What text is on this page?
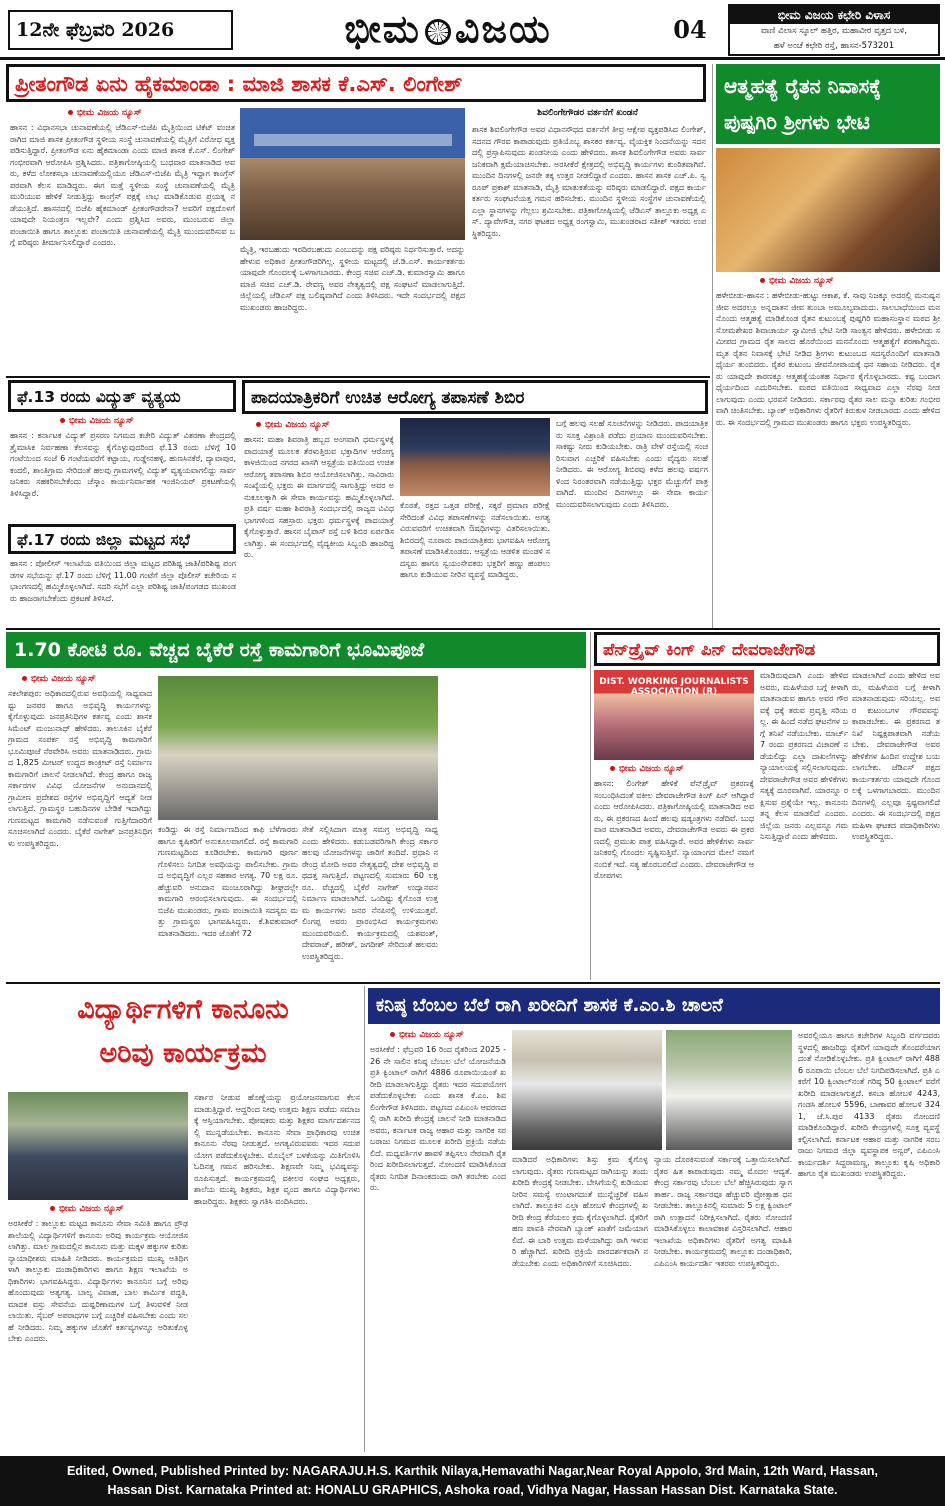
12ನೇ ಫೆಬ್ರವರಿ 2026	ಭೀಮ ವಿಜಯ	04	ಭೀಮ ವಿಜಯ ಕಛೇರಿ ವಿಳಾಸ
ವಾಣಿ ವಿಲಾಸ ಸ್ಕೂಲ್ ಹತ್ತಿರ, ಮಹಾವೀರ ವೃತ್ತದ ಬಳಿ,
ಹಳೆ ಅಂಚೆ ಕಛೇರಿ ರಸ್ತೆ, ಹಾಸನ-573201
ಪ್ರೀತಂಗೌಡ ಏನು ಹೈಕಮಾಂಡಾ : ಮಾಜಿ ಶಾಸಕ ಕೆ.ಎಸ್. ಲಿಂಗೇಶ್
ಭೀಮ ವಿಜಯ ನ್ಯೂಸ್
ಹಾಸನ : ವಿಧಾನಸಭಾ ಚುನಾವಣೆಯಲ್ಲಿ ಜೆಡಿಎಸ್-ಬಿಜೆಪಿ ಮೈತ್ರಿಯಿಂದ ಟಿಕೆಟ್ ವಂಚಿತರಾಗಿದ ಮಾಜಿ ಶಾಸಕ ಪ್ರೀತಂಗೌಡ ಸ್ಥಳೀಯ ಸಂಸ್ಥೆ ಚುನಾವಣೆಯಲ್ಲಿ ಮೈತ್ರಿಗೆ ವಿರೋಧ ವ್ಯಕ್ತಪಡಿಸುತ್ತಿದ್ದಾರೆ. ಪ್ರೀತಂಗೌಡ ಏನು ಹೈಕಮಾಂಡಾ ಎಂದು ಮಾಜಿ ಶಾಸಕ ಕೆ.ಎಸ್. ಲಿಂಗೇಶ್ ಗಂಭೀರವಾಗಿ ಆರೋಪಿಸಿ ಪ್ರಶ್ನಿಸಿದರು. ಪತ್ರಿಕಾಗೋಷ್ಠಿಯಲ್ಲಿ ಬುಧವಾರ ಮಾತನಾಡಿದ ಅವರು, ಕಳೆದ ಲೋಕಸಭಾ ಚುನಾವಣೆಯಲ್ಲಿಯೂ ಜೆಡಿಎಸ್-ಬಿಜೆಪಿ ಮೈತ್ರಿ ಇದ್ದಾಗ ಕಾಂಗ್ರೆಸ್ ಪರವಾಗಿ ಕೆಲಸ ಮಾಡಿದ್ದರು. ಈಗ ಮತ್ತೆ ಸ್ಥಳೀಯ ಸಂಸ್ಥೆ ಚುನಾವಣೆಯಲ್ಲಿ ಮೈತ್ರಿ ಮುರಿಯುವ ಹೇಳಿಕೆ ನೀಡುತ್ತಿದ್ದು ಕಾಂಗ್ರೆಸ್ ಪಕ್ಷಕ್ಕೆ ಲಾಭ ಮಾಡಿಕೊಡುವ ಪ್ರಯತ್ನ ನಡೆಯುತ್ತಿದೆ. ಹಾಸನದಲ್ಲಿ ಬಿಜೆಪಿ ಹೈಕಮಾಂಡ್ ಪ್ರೀತಂಗೌಡರೇನಾ? ಅವರಿಗೆ ಪಕ್ಷದೊಳಗೆ ಯಾವುದೇ ನಿಯಂತ್ರಣ ಇಲ್ಲವೇ? ಎಂದು ಪ್ರಶ್ನಿಸಿದ ಅವರು, ಮುಂಬರುವ ಜಿಲ್ಲಾ ಪಂಚಾಯಿತಿ ಹಾಗೂ ತಾಲ್ಲೂಕು ಪಂಚಾಯಿತಿ ಚುನಾವಣೆಯಲ್ಲಿ ಮೈತ್ರಿ ಮುಂದುವರಿಸುವ ಬಗ್ಗೆ ವರಿಷ್ಠರು ತೀರ್ಮಾನಿಸಲಿದ್ದಾರೆ ಎಂದರು.
ಮೈತ್ರಿ, ಇರಬಹುದು ಇರದಿರಬಹುದು ಎಂಬುದನ್ನು ಪಕ್ಷ ವರಿಷ್ಠರು ನಿರ್ಧರಿಸುತ್ತಾರೆ. ಅದನ್ನು ಹೇಳುವ ಅಧಿಕಾರ ಪ್ರೀತಂಗೌಡರಿಗಿಲ್ಲ. ಸ್ಥಳೀಯ ಮಟ್ಟದಲ್ಲಿ ಜೆ.ಡಿ.ಎಸ್. ಕಾರ್ಯಕರ್ತರು ಯಾವುದೇ ಗೊಂದಲಕ್ಕೆ ಒಳಗಾಗಬಾರದು. ಕೇಂದ್ರ ಸಚಿವ ಎಚ್.ಡಿ. ಕುಮಾರಸ್ವಾಮಿ ಹಾಗೂ ಮಾಜಿ ಸಚಿವ ಎಚ್.ಡಿ. ರೇವಣ್ಣ ಅವರ ನೇತೃತ್ವದಲ್ಲಿ ಪಕ್ಷ ಸಂಘಟನೆ ಮಾಡಲಾಗುತ್ತಿದೆ. ಜಿಲ್ಲೆಯಲ್ಲಿ ಜೆಡಿಎಸ್ ಪಕ್ಷ ಬಲಿಷ್ಠವಾಗಿದೆ ಎಂದು ತಿಳಿಸಿದರು. ಇದೇ ಸಂದರ್ಭದಲ್ಲಿ ಪಕ್ಷದ ಮುಖಂಡರು ಹಾಜರಿದ್ದರು.
ಶಿವಲಿಂಗೇಗೌಡರ ವರ್ತನೆಗೆ ಖಂಡನೆ
ಶಾಸಕ ಶಿವಲಿಂಗೇಗೌಡ ಅವರ ವಿಧಾನಸೌಧದ ವರ್ತನೆಗೆ ತೀವ್ರ ಆಕ್ಷೇಪ ವ್ಯಕ್ತಪಡಿಸಿದ ಲಿಂಗೇಶ್, ಸದನದ ಗೌರವ ಕಾಪಾಡುವುದು ಪ್ರತಿಯೊಬ್ಬ ಶಾಸಕರ ಕರ್ತವ್ಯ. ವೈಯಕ್ತಿಕ ನಿಂದನೆಯನ್ನು ಸದನದಲ್ಲಿ ಪ್ರಸ್ತಾಪಿಸುವುದು ಖಂಡನೀಯ ಎಂದು ಹೇಳಿದರು. ಶಾಸಕ ಶಿವಲಿಂಗೇಗೌಡ ಅವರು ಸಾರ್ವಜನಿಕವಾಗಿ ಕ್ಷಮೆಯಾಚಿಸಬೇಕು. ಅರಸೀಕೆರೆ ಕ್ಷೇತ್ರದಲ್ಲಿ ಅಭಿವೃದ್ಧಿ ಕಾರ್ಯಗಳು ಕುಂಠಿತವಾಗಿವೆ. ಮುಂದಿನ ದಿನಗಳಲ್ಲಿ ಜನರೇ ತಕ್ಕ ಉತ್ತರ ನೀಡಲಿದ್ದಾರೆ ಎಂದರು. ಹಾಸನ ಶಾಸಕ ಎಚ್.ಪಿ. ಸ್ವರೂಪ್ ಪ್ರಕಾಶ್ ಮಾತನಾಡಿ, ಮೈತ್ರಿ ಮಾತುಕತೆಯನ್ನು ವರಿಷ್ಠರು ಮಾಡಲಿದ್ದಾರೆ. ಪಕ್ಷದ ಕಾರ್ಯಕರ್ತರು ಸಂಘಟನೆಯತ್ತ ಗಮನ ಹರಿಸಬೇಕು. ಮುಂದಿನ ಸ್ಥಳೀಯ ಸಂಸ್ಥೆಗಳ ಚುನಾವಣೆಯಲ್ಲಿ ಎಲ್ಲಾ ಸ್ಥಾನಗಳನ್ನು ಗೆಲ್ಲಲು ಶ್ರಮಿಸಬೇಕು. ಪತ್ರಿಕಾಗೋಷ್ಠಿಯಲ್ಲಿ ಜೆಡಿಎಸ್ ತಾಲ್ಲೂಕು ಅಧ್ಯಕ್ಷ ಎಸ್. ದ್ಯಾವೇಗೌಡ, ನಗರ ಘಟಕದ ಅಧ್ಯಕ್ಷ ರಂಗಸ್ವಾಮಿ, ಮುಖಂಡರಾದ ಸತೀಶ್ ಇತರರು ಉಪಸ್ಥಿತರಿದ್ದರು.
ಆತ್ಮಹತ್ಯೆ ರೈತನ ನಿವಾಸಕ್ಕೆ ಪುಷ್ಪಗಿರಿ ಶ್ರೀಗಳು ಭೇಟಿ
ಭೀಮ ವಿಜಯ ನ್ಯೂಸ್
ಹಳೇಬೀಡು-ಹಾಸನ : ಹಳೇಬೀಡು-ಹುಟ್ಟು ಆಕಾಶ, ಕೆ. ಸಾವು ನಿಜಕ್ಕೂ ಅದರಲ್ಲಿ ಮನುಷ್ಯನ ಜೀವ ಅದರಲ್ಲೂ ಅನ್ನದಾತನ ಜೀವ ತುಂಬಾ ಅಮೂಲ್ಯವಾದುದು. ಸಾಲಬಾಧೆಯಿಂದ ಮನನೊಂದು ಆತ್ಮಹತ್ಯೆ ಮಾಡಿಕೊಂಡ ರೈತನ ಕುಟುಂಬಕ್ಕೆ ಪುಷ್ಪಗಿರಿ ಮಹಾಸಂಸ್ಥಾನ ಮಠದ ಶ್ರೀ ಸೋಮಶೇಖರ ಶಿವಾಚಾರ್ಯ ಸ್ವಾಮೀಜಿ ಭೇಟಿ ನೀಡಿ ಸಾಂತ್ವನ ಹೇಳಿದರು. ಹಳೇಬೀಡು ಸಮೀಪದ ಗ್ರಾಮದ ರೈತ ಸಾಲದ ಹೊರೆಯಿಂದ ಮನನೊಂದು ಆತ್ಮಹತ್ಯೆಗೆ ಶರಣಾಗಿದ್ದರು. ಮೃತ ರೈತನ ನಿವಾಸಕ್ಕೆ ಭೇಟಿ ನೀಡಿದ ಶ್ರೀಗಳು ಕುಟುಂಬದ ಸದಸ್ಯರೊಂದಿಗೆ ಮಾತನಾಡಿ ಧೈರ್ಯ ತುಂಬಿದರು. ರೈತರ ಕುಟುಂಬ ಜೀವನೋಪಾಯಕ್ಕೆ ಧನ ಸಹಾಯ ನೀಡಿದರು. ರೈತರು ಯಾವುದೇ ಕಾರಣಕ್ಕೂ ಆತ್ಮಹತ್ಯೆಯಂತಹ ನಿರ್ಧಾರ ಕೈಗೊಳ್ಳಬಾರದು. ಕಷ್ಟ ಬಂದಾಗ ಧೈರ್ಯದಿಂದ ಎದುರಿಸಬೇಕು. ಮಠದ ವತಿಯಿಂದ ಸಾಧ್ಯವಾದ ಎಲ್ಲಾ ನೆರವು ನೀಡಲಾಗುವುದು ಎಂದು ಭರವಸೆ ನೀಡಿದರು. ಸರ್ಕಾರವು ರೈತರ ಸಾಲ ಮನ್ನಾ ಕುರಿತು ಗಂಭೀರವಾಗಿ ಚಿಂತಿಸಬೇಕು. ಬ್ಯಾಂಕ್ ಅಧಿಕಾರಿಗಳು ರೈತರಿಗೆ ಕಿರುಕುಳ ನೀಡಬಾರದು ಎಂದು ಹೇಳಿದರು. ಈ ಸಂದರ್ಭದಲ್ಲಿ ಗ್ರಾಮದ ಮುಖಂಡರು ಹಾಗೂ ಭಕ್ತರು ಉಪಸ್ಥಿತರಿದ್ದರು.
ಫೆ.13 ರಂದು ವಿದ್ಯುತ್ ವ್ಯತ್ಯಯ
ಭೀಮ ವಿಜಯ ನ್ಯೂಸ್
ಹಾಸನ : ಕರ್ನಾಟಕ ವಿದ್ಯುತ್ ಪ್ರಸರಣ ನಿಗಮದ ಕಚೇರಿ ವಿದ್ಯುತ್ ವಿತರಣಾ ಕೇಂದ್ರದಲ್ಲಿ ತ್ರೈಮಾಸಿಕ ನಿರ್ವಹಣಾ ಕೆಲಸವನ್ನು ಕೈಗೊಳ್ಳುವುದರಿಂದ ಫೆ.13 ರಂದು ಬೆಳಿಗ್ಗೆ 10 ಗಂಟೆಯಿಂದ ಸಂಜೆ 6 ಗಂಟೆಯವರೆಗೆ ಕಟ್ಟಾಯ, ಗುಡ್ಡೇನಹಳ್ಳಿ, ಹುಣಸಿನಕೆರೆ, ದ್ಯಾವಾಪುರ, ಕಂದಲಿ, ಶಾಂತಿಗ್ರಾಮ ಸೇರಿದಂತೆ ಹಲವು ಗ್ರಾಮಗಳಲ್ಲಿ ವಿದ್ಯುತ್ ವ್ಯತ್ಯಯವಾಗಲಿದ್ದು ಸಾರ್ವಜನಿಕರು ಸಹಕರಿಸಬೇಕೆಂದು ಚೆಸ್ಕಾಂ ಕಾರ್ಯನಿರ್ವಾಹಕ ಇಂಜಿನಿಯರ್ ಪ್ರಕಟಣೆಯಲ್ಲಿ ತಿಳಿಸಿದ್ದಾರೆ.
ಫೆ.17 ರಂದು ಜಿಲ್ಲಾ ಮಟ್ಟದ ಸಭೆ
ಹಾಸನ : ಪೋಲೀಸ್ ಇಲಾಖೆಯ ವತಿಯಿಂದ ಜಿಲ್ಲಾ ಮಟ್ಟದ ಪರಿಶಿಷ್ಟ ಜಾತಿ/ಪರಿಶಿಷ್ಟ ಪಂಗಡಗಳ ಸಭೆಯನ್ನು ಫೆ.17 ರಂದು ಬೆಳಿಗ್ಗೆ 11.00 ಗಂಟೆಗೆ ಜಿಲ್ಲಾ ಪೊಲೀಸ್ ಕಚೇರಿಯ ಸಭಾಂಗಣದಲ್ಲಿ ಹಮ್ಮಿಕೊಳ್ಳಲಾಗಿದೆ. ಸದರಿ ಸಭೆಗೆ ಎಲ್ಲಾ ಪರಿಶಿಷ್ಟ ಜಾತಿ/ಪಂಗಡದ ಮುಖಂಡರು ಹಾಜರಾಗಬೇಕೆಂದು ಪ್ರಕಟಣೆ ತಿಳಿಸಿದೆ.
ಪಾದಯಾತ್ರಿಕರಿಗೆ ಉಚಿತ ಆರೋಗ್ಯ ತಪಾಸಣೆ ಶಿಬಿರ
ಭೀಮ ವಿಜಯ ನ್ಯೂಸ್
ಹಾಸನ: ಮಹಾ ಶಿವರಾತ್ರಿ ಹಬ್ಬದ ಅಂಗವಾಗಿ ಧರ್ಮಸ್ಥಳಕ್ಕೆ ಪಾದಯಾತ್ರೆ ಮೂಲಕ ತೆರಳುತ್ತಿರುವ ಭಕ್ತಾದಿಗಳ ಆರೋಗ್ಯ ಕಾಳಜಿಯಿಂದ ನಗರದ ಖಾಸಗಿ ಆಸ್ಪತ್ರೆಯ ವತಿಯಿಂದ ಉಚಿತ ಆರೋಗ್ಯ ತಪಾಸಣಾ ಶಿಬಿರ ಆಯೋಜಿಸಲಾಗಿತ್ತು. ಸಾವಿರಾರು ಸಂಖ್ಯೆಯಲ್ಲಿ ಭಕ್ತರು ಈ ಮಾರ್ಗದಲ್ಲಿ ಸಾಗುತ್ತಿದ್ದು ಅವರ ಅನುಕೂಲಕ್ಕಾಗಿ ಈ ಸೇವಾ ಕಾರ್ಯವನ್ನು ಹಮ್ಮಿಕೊಳ್ಳಲಾಗಿದೆ. ಪ್ರತಿ ವರ್ಷ ಮಹಾ ಶಿವರಾತ್ರಿ ಸಂದರ್ಭದಲ್ಲಿ ರಾಜ್ಯದ ವಿವಿಧ ಭಾಗಗಳಿಂದ ಸಹಸ್ರಾರು ಭಕ್ತರು ಧರ್ಮಸ್ಥಳಕ್ಕೆ ಪಾದಯಾತ್ರೆ ಕೈಗೊಳ್ಳುತ್ತಾರೆ. ಹಾಸನ ಬೈಪಾಸ್ ರಸ್ತೆ ಬಳಿ ಶಿಬಿರ ಏರ್ಪಡಿಸಲಾಗಿತ್ತು. ಈ ಸಂದರ್ಭದಲ್ಲಿ ವೈದ್ಯಕೀಯ ಸಿಬ್ಬಂದಿ ಹಾಜರಿದ್ದರು.
ಕೊರತೆ, ರಕ್ತದ ಒತ್ತಡ ಪರೀಕ್ಷೆ, ಸಕ್ಕರೆ ಪ್ರಮಾಣ ಪರೀಕ್ಷೆ ಸೇರಿದಂತೆ ವಿವಿಧ ತಪಾಸಣೆಗಳನ್ನು ನಡೆಸಲಾಯಿತು. ಅಗತ್ಯವಿರುವವರಿಗೆ ಉಚಿತವಾಗಿ ಔಷಧಿಗಳನ್ನು ವಿತರಿಸಲಾಯಿತು. ಶಿಬಿರದಲ್ಲಿ ನೂರಾರು ಪಾದಯಾತ್ರಿಕರು ಭಾಗವಹಿಸಿ ಆರೋಗ್ಯ ತಪಾಸಣೆ ಮಾಡಿಸಿಕೊಂಡರು. ಆಸ್ಪತ್ರೆಯ ಆಡಳಿತ ಮಂಡಳಿ ಸದಸ್ಯರು ಹಾಗೂ ಸ್ವಯಂಸೇವಕರು ಭಕ್ತರಿಗೆ ಹಣ್ಣು ಹಂಪಲು ಹಾಗೂ ಕುಡಿಯುವ ನೀರಿನ ವ್ಯವಸ್ಥೆ ಮಾಡಿದ್ದರು.
ಬಗ್ಗೆ ಹಲವು ಸಲಹೆ ಸೂಚನೆಗಳನ್ನು ನೀಡಿದರು. ಪಾದಯಾತ್ರಿಕರು ಸೂಕ್ತ ವಿಶ್ರಾಂತಿ ಪಡೆದು ಪ್ರಯಾಣ ಮುಂದುವರಿಸಬೇಕು. ಸಾಕಷ್ಟು ನೀರು ಕುಡಿಯಬೇಕು. ರಾತ್ರಿ ವೇಳೆ ರಸ್ತೆಯಲ್ಲಿ ಸಂಚರಿಸುವಾಗ ಎಚ್ಚರಿಕೆ ವಹಿಸಬೇಕು ಎಂದು ವೈದ್ಯರು ಸಲಹೆ ನೀಡಿದರು. ಈ ಆರೋಗ್ಯ ಶಿಬಿರವು ಕಳೆದ ಹಲವು ವರ್ಷಗಳಿಂದ ನಿರಂತರವಾಗಿ ನಡೆಯುತ್ತಿದ್ದು ಭಕ್ತರ ಮೆಚ್ಚುಗೆಗೆ ಪಾತ್ರವಾಗಿದೆ. ಮುಂದಿನ ದಿನಗಳಲ್ಲೂ ಈ ಸೇವಾ ಕಾರ್ಯ ಮುಂದುವರಿಸಲಾಗುವುದು ಎಂದು ತಿಳಿಸಿದರು.
1.70 ಕೋಟಿ ರೂ. ವೆಚ್ಚದ ಬೈಕೆರೆ ರಸ್ತೆ ಕಾಮಗಾರಿಗೆ ಭೂಮಿಪೂಜೆ
ಭೀಮ ವಿಜಯ ನ್ಯೂಸ್
ಸಕಲೇಶಪುರ: ಅಧಿಕಾರದಲ್ಲಿರುವ ಅವಧಿಯಲ್ಲಿ ಸಾಧ್ಯವಾದಷ್ಟು ಜನಪರ ಹಾಗೂ ಅಭಿವೃದ್ಧಿ ಕಾರ್ಯಗಳನ್ನು ಕೈಗೊಳ್ಳುವುದು ಜನಪ್ರತಿನಿಧಿಗಳ ಕರ್ತವ್ಯ ಎಂದು ಶಾಸಕ ಸಿಮೆಂಟ್ ಮಂಜುನಾಥ್ ಹೇಳಿದರು. ತಾಲೂಕಿನ ಬೈಕೆರೆ ಗ್ರಾಮದ ಸಂಪರ್ಕ ರಸ್ತೆ ಅಭಿವೃದ್ಧಿ ಕಾಮಗಾರಿಗೆ ಭೂಮಿಪೂಜೆ ನೆರವೇರಿಸಿ ಅವರು ಮಾತನಾಡಿದರು. ಗ್ರಾಮದ 1,825 ಮೀಟರ್ ಉದ್ದದ ಕಾಂಕ್ರೀಟ್ ರಸ್ತೆ ನಿರ್ಮಾಣ ಕಾಮಗಾರಿಗೆ ಚಾಲನೆ ನೀಡಲಾಗಿದೆ. ಕೇಂದ್ರ ಹಾಗೂ ರಾಜ್ಯ ಸರ್ಕಾರಗಳ ವಿವಿಧ ಯೋಜನೆಗಳ ಅನುದಾನದಲ್ಲಿ ಗ್ರಾಮೀಣ ಪ್ರದೇಶದ ರಸ್ತೆಗಳ ಅಭಿವೃದ್ಧಿಗೆ ಆದ್ಯತೆ ನೀಡಲಾಗುತ್ತಿದೆ. ಗ್ರಾಮಸ್ಥರ ಬಹುದಿನಗಳ ಬೇಡಿಕೆ ಇದಾಗಿದ್ದು ಗುಣಮಟ್ಟದ ಕಾಮಗಾರಿ ನಡೆಸುವಂತೆ ಗುತ್ತಿಗೆದಾರರಿಗೆ ಸೂಚಿಸಲಾಗಿದೆ ಎಂದರು. ಬೈಕೆರೆ ನಾಗೇಶ್ ಜನಪ್ರತಿನಿಧಿಗಳು ಉಪಸ್ಥಿತರಿದ್ದರು.
ಕಂಡಿದ್ದು ಈ ರಸ್ತೆ ನಿರ್ಮಾಣದಿಂದ ಕಾಫಿ ಬೆಳೆಗಾರರು ಹಾಗೂ ಕೃಷಿಕರಿಗೆ ಅನುಕೂಲವಾಗಲಿದೆ. ರಸ್ತೆ ಕಾಮಗಾರಿ ಗುಣಮಟ್ಟದಿಂದ ಕೂಡಿರಬೇಕು. ಕಾಮಗಾರಿ ಪೂರ್ಣಗೊಳಿಸಲು ನಿಗದಿತ ಅವಧಿಯನ್ನು ಪಾಲಿಸಬೇಕು. ಗ್ರಾಮದ ಅಭಿವೃದ್ಧಿಗೆ ಎಲ್ಲರ ಸಹಕಾರ ಅಗತ್ಯ. 70 ಲಕ್ಷ ರೂ. ಹೆಚ್ಚುವರಿ ಅನುದಾನ ಮಂಜೂರಾಗಿದ್ದು ಶೀಘ್ರದಲ್ಲೇ ಕಾಮಗಾರಿ ಆರಂಭಿಸಲಾಗುವುದು. ಈ ಸಂದರ್ಭದಲ್ಲಿ ಬಿಜೆಪಿ ಮುಖಂಡರು, ಗ್ರಾಮ ಪಂಚಾಯಿತಿ ಸದಸ್ಯರು ಮತ್ತು ಗ್ರಾಮಸ್ಥರು ಭಾಗವಹಿಸಿದ್ದರು. ಕೆ.ಶಿವಕುಮಾರ್ ಮಾತನಾಡಿದರು. ಇದರ ಜೊತೆಗೆ 72
ಸೇತೆ ಸಲ್ಲಿಸಿದಾಗ ಮಾತ್ರ ಸಮಗ್ರ ಅಭಿವೃದ್ಧಿ ಸಾಧ್ಯ ಎಂದು ಹೇಳಿದರು. ಕಡುಬಡವರಿಗಾಗಿ ಕೇಂದ್ರ ಸರ್ಕಾರ ಹಲವು ಯೋಜನೆಗಳನ್ನು ಜಾರಿಗೆ ತಂದಿದೆ. ಪ್ರಧಾನಿ ನರೇಂದ್ರ ಮೋದಿ ಅವರ ನೇತೃತ್ವದಲ್ಲಿ ದೇಶ ಅಭಿವೃದ್ಧಿ ಪಥದತ್ತ ಸಾಗುತ್ತಿದೆ. ಪಟ್ಟಣದಲ್ಲಿ ಸುಮಾರು 60 ಲಕ್ಷ ರೂ. ವೆಚ್ಚದಲ್ಲಿ ಬೈಕೆರೆ ನಾಗೇಶ್ ಉದ್ಯಾನವನ ನಿರ್ಮಾಣ ಮಾಡಲಾಗಿದೆ. ಒಂದಿಷ್ಟು ಕೈಗೊಂಡ ಉತ್ತಮ ಕಾರ್ಯಗಳು ಜನರ ನೆನಪಿನಲ್ಲಿ ಉಳಿಯುತ್ತವೆ. ಲಿಂಗಪ್ಪ ಅವರು ಪ್ರಾರಂಭಿಸಿದ ಕಾರ್ಯಕ್ರಮಗಳು ಮುಂದುವರಿಯಲಿ. ಕಾರ್ಯಕ್ರಮದಲ್ಲಿ ಯಶವಂತ್, ದೇವರಾಜ್, ಹರೀಶ್, ಜಗದೀಶ್ ಸೇರಿದಂತೆ ಹಲವರು ಉಪಸ್ಥಿತರಿದ್ದರು.
ಪೆನ್‌ಡ್ರೈವ್ ಕಿಂಗ್ ಪಿನ್ ದೇವರಾಜೇಗೌಡ
DIST. WORKING JOURNALISTS ASSOCIATION (R)
ಭೀಮ ವಿಜಯ ನ್ಯೂಸ್
ಹಾಸನ: ಲಿಂಗೇಶ್ ಹೇಳಿಕೆ ಪೆನ್‌ಡ್ರೈವ್ ಪ್ರಕರಣಕ್ಕೆ ಸಂಬಂಧಿಸಿದಂತೆ ವಕೀಲ ದೇವರಾಜೇಗೌಡ ಕಿಂಗ್ ಪಿನ್ ಆಗಿದ್ದಾರೆ ಎಂದು ಆರೋಪಿಸಿದರು. ಪತ್ರಿಕಾಗೋಷ್ಠಿಯಲ್ಲಿ ಮಾತನಾಡಿದ ಅವರು, ಈ ಪ್ರಕರಣದ ಹಿಂದೆ ಹಲವು ಷಡ್ಯಂತ್ರಗಳು ನಡೆದಿವೆ. ಬುಧವಾರ ಮಾತನಾಡಿದ ಅವರು, ದೇವರಾಜೇಗೌಡ ಅವರು ಈ ಪ್ರಕರಣದಲ್ಲಿ ಪ್ರಮುಖ ಪಾತ್ರ ವಹಿಸಿದ್ದಾರೆ. ಅವರ ಹೇಳಿಕೆಗಳು ಸಾರ್ವಜನಿಕರಲ್ಲಿ ಗೊಂದಲ ಸೃಷ್ಟಿಸುತ್ತಿವೆ. ನ್ಯಾಯಾಂಗದ ಮೇಲೆ ನಮಗೆ ನಂಬಿಕೆ ಇದೆ. ಸತ್ಯ ಹೊರಬರಲಿದೆ ಎಂದರು. ದೇವರಾಜೇಗೌಡ ಆರೋಪಗಳು
ಮಾಡಿರುವುದಾಗಿ ಎಂದು ಹೇಳಿದ ಅವರು, ಮಹಿಳೆಯರ ಬಗ್ಗೆ ಕೀಳಾಗಿ ಮಾತನಾಡುವ ಹಾಗೂ ಅವರ ಗೌರವಕ್ಕೆ ಧಕ್ಕೆ ತರುವ ಪ್ರವೃತ್ತಿ ಸರಿಯಲ್ಲ. ಈ ಹಿಂದೆ ನಡೆದ ಘಟನೆಗಳ ಬಗ್ಗೆ ತನಿಖೆ ನಡೆಯಬೇಕು. ಮಾರ್ಚ್ 7 ರಂದು ಪ್ರಕರಣದ ವಿಚಾರಣೆ ನಡೆಯಲಿದ್ದು ಎಲ್ಲಾ ದಾಖಲೆಗಳನ್ನು ನ್ಯಾಯಾಲಯಕ್ಕೆ ಸಲ್ಲಿಸಲಾಗುವುದು. ದೇವರಾಜೇಗೌಡ ಅವರ ಹೇಳಿಕೆಗಳು ಸತ್ಯಕ್ಕೆ ದೂರವಾಗಿವೆ. ಯಾರನ್ನೂ ರಕ್ಷಿಸುವ ಪ್ರಶ್ನೆಯೇ ಇಲ್ಲ. ಕಾನೂನು ತನ್ನ ಕೆಲಸ ಮಾಡಲಿದೆ ಎಂದರು. ಜಿಲ್ಲೆಯ ಜನರು ಎಲ್ಲವನ್ನೂ ಗಮನಿಸುತ್ತಿದ್ದಾರೆ ಎಂದು ಹೇಳಿದರು.
ಮಾಡಲಾಗಿದೆ ಎಂದು ಹೇಳಿದ ಅವರು, ಮಹಿಳೆಯರ ಬಗ್ಗೆ ಕೀಳಾಗಿ ಮಾತನಾಡುವುದು ಸರಿಯಲ್ಲ. ಅವರ ಕುಟುಂಬಗಳ ಗೌರವವನ್ನು ಕಾಪಾಡಬೇಕು. ಈ ಪ್ರಕರಣದ ತನಿಖೆ ನಿಷ್ಪಕ್ಷಪಾತವಾಗಿ ನಡೆಯಬೇಕು. ದೇವರಾಜೇಗೌಡ ಅವರ ಹೇಳಿಕೆಗಳ ಹಿಂದಿನ ಉದ್ದೇಶ ಬಯಲಾಗಬೇಕು. ಜೆಡಿಎಸ್ ಪಕ್ಷದ ಕಾರ್ಯಕರ್ತರು ಯಾವುದೇ ಗೊಂದಲಕ್ಕೆ ಒಳಗಾಗಬಾರದು. ಮುಂದಿನ ದಿನಗಳಲ್ಲಿ ಎಲ್ಲವೂ ಸ್ಪಷ್ಟವಾಗಲಿದೆ ಎಂದರು. ಈ ಸಂದರ್ಭದಲ್ಲಿ ಪಕ್ಷದ ಮಹಿಳಾ ಘಟಕದ ಪದಾಧಿಕಾರಿಗಳು ಉಪಸ್ಥಿತರಿದ್ದರು.
ವಿದ್ಯಾರ್ಥಿಗಳಿಗೆ ಕಾನೂನು
ಅರಿವು ಕಾರ್ಯಕ್ರಮ
ಭೀಮ ವಿಜಯ ನ್ಯೂಸ್
ಅರಸೀಕೆರೆ : ತಾಲ್ಲೂಕು ಮಟ್ಟದ ಕಾನೂನು ಸೇವಾ ಸಮಿತಿ ಹಾಗೂ ಪ್ರೌಢ ಶಾಲೆಯಲ್ಲಿ ವಿದ್ಯಾರ್ಥಿಗಳಿಗೆ ಕಾನೂನು ಅರಿವು ಕಾರ್ಯಕ್ರಮ ಆಯೋಜಿಸಲಾಗಿತ್ತು. ಮಾಲ ಗ್ರಾಮದಲ್ಲಿನ ಕಾನೂನು ಮತ್ತು ಮಕ್ಕಳ ಹಕ್ಕುಗಳ ಕುರಿತು ನ್ಯಾಯಾಧೀಶರು ಮಾಹಿತಿ ನೀಡಿದರು. ಕಾರ್ಯಕ್ರಮದ ಮುಖ್ಯ ಅತಿಥಿಗಳಾಗಿ ತಾಲ್ಲೂಕು ದಂಡಾಧಿಕಾರಿಗಳು ಹಾಗೂ ಶಿಕ್ಷಣ ಇಲಾಖೆಯ ಅಧಿಕಾರಿಗಳು ಭಾಗವಹಿಸಿದ್ದರು. ವಿದ್ಯಾರ್ಥಿಗಳು ಕಾನೂನಿನ ಬಗ್ಗೆ ಅರಿವು ಹೊಂದುವುದು ಅತ್ಯಗತ್ಯ. ಬಾಲ್ಯ ವಿವಾಹ, ಬಾಲ ಕಾರ್ಮಿಕ ಪದ್ಧತಿ, ಮಾದಕ ವಸ್ತು ಸೇವನೆಯ ದುಷ್ಪರಿಣಾಮಗಳ ಬಗ್ಗೆ ತಿಳುವಳಿಕೆ ನೀಡಲಾಯಿತು. ಸೈಬರ್ ಅಪರಾಧಗಳ ಬಗ್ಗೆ ಎಚ್ಚರಿಕೆ ವಹಿಸಬೇಕು ಎಂದು ಸಲಹೆ ನೀಡಿದರು. ನಿಮ್ಮ ಹಕ್ಕುಗಳ ಜೊತೆಗೆ ಕರ್ತವ್ಯಗಳನ್ನೂ ಅರಿತುಕೊಳ್ಳಬೇಕು ಎಂದರು.
ಸರ್ಕಾರ ನೀಡುವ ಹೊಣ್ಣೆಯನ್ನು ಪ್ರಯೋಜನವಾಗುವ ಕೆಲಸ ಮಾಡುತ್ತಿದ್ದಾರೆ. ಆದ್ದರಿಂದ ನೀವು ಉತ್ತಮ ಶಿಕ್ಷಣ ಪಡೆದು ಸಮಾಜಕ್ಕೆ ಆಸ್ತಿಯಾಗಬೇಕು. ಪೋಷಕರು ಮತ್ತು ಶಿಕ್ಷಕರ ಮಾರ್ಗದರ್ಶನದಲ್ಲಿ ಮುನ್ನಡೆಯಬೇಕು. ಕಾನೂನು ಸೇವಾ ಪ್ರಾಧಿಕಾರವು ಉಚಿತ ಕಾನೂನು ನೆರವು ನೀಡುತ್ತದೆ. ಅಗತ್ಯವಿರುವವರು ಇದರ ಸದುಪಯೋಗ ಪಡೆದುಕೊಳ್ಳಬೇಕು. ಮೊಬೈಲ್ ಬಳಕೆಯನ್ನು ಮಿತಿಗೊಳಿಸಿ ಓದಿನತ್ತ ಗಮನ ಹರಿಸಬೇಕು. ಶಿಕ್ಷಣವೇ ನಿಮ್ಮ ಭವಿಷ್ಯವನ್ನು ರೂಪಿಸುತ್ತದೆ. ಕಾರ್ಯಕ್ರಮದಲ್ಲಿ ವಕೀಲರ ಸಂಘದ ಅಧ್ಯಕ್ಷರು, ಶಾಲೆಯ ಮುಖ್ಯ ಶಿಕ್ಷಕರು, ಶಿಕ್ಷಕ ವೃಂದ ಹಾಗೂ ವಿದ್ಯಾರ್ಥಿಗಳು ಹಾಜರಿದ್ದರು. ಶಿಕ್ಷಕರು ಸ್ವಾಗತಿಸಿ ವಂದಿಸಿದರು.
ಕನಿಷ್ಠ ಬೆಂಬಲ ಬೆಲೆ ರಾಗಿ ಖರೀದಿಗೆ ಶಾಸಕ ಕೆ.ಎಂ.ಶಿ ಚಾಲನೆ
ಭೀಮ ವಿಜಯ ನ್ಯೂಸ್
ಅರಸೀಕೆರೆ : ಫೆಬ್ರವರಿ 16 ರಿಂದ ರೈತರಿಂದ 2025 - 26 ನೇ ಸಾಲಿನ ಕನಿಷ್ಠ ಬೆಂಬಲ ಬೆಲೆ ಯೋಜನೆಯಡಿ ಪ್ರತಿ ಕ್ವಿಂಟಾಲ್ ರಾಗಿಗೆ 4886 ರೂಪಾಯಿಯಂತೆ ಖರೀದಿ ಮಾಡಲಾಗುತ್ತಿದ್ದು ರೈತರು ಇದರ ಸದುಪಯೋಗ ಪಡೆದುಕೊಳ್ಳಬೇಕು ಎಂದು ಶಾಸಕ ಕೆ.ಎಂ. ಶಿವಲಿಂಗೇಗೌಡ ತಿಳಿಸಿದರು. ಪಟ್ಟಣದ ಎಪಿಎಂಸಿ ಆವರಣದಲ್ಲಿ ರಾಗಿ ಖರೀದಿ ಕೇಂದ್ರಕ್ಕೆ ಚಾಲನೆ ನೀಡಿ ಮಾತನಾಡಿದ ಅವರು, ಕರ್ನಾಟಕ ರಾಜ್ಯ ಆಹಾರ ಮತ್ತು ನಾಗರಿಕ ಸರಬರಾಜು ನಿಗಮದ ಮೂಲಕ ಖರೀದಿ ಪ್ರಕ್ರಿಯೆ ನಡೆಯಲಿದೆ. ಮಧ್ಯವರ್ತಿಗಳ ಹಾವಳಿ ತಪ್ಪಿಸಲು ನೇರವಾಗಿ ರೈತರಿಂದ ಖರೀದಿಸಲಾಗುತ್ತದೆ. ನೋಂದಣಿ ಮಾಡಿಸಿಕೊಂಡ ರೈತರು ನಿಗದಿತ ದಿನಾಂಕದಂದು ರಾಗಿ ತರಬೇಕು ಎಂದರು.
ಮಾಡಿದರೆ ಅಧಿಕಾರಿಗಳು ಶಿಸ್ತು ಕ್ರಮ ಕೈಗೊಳ್ಳಲಾಗುವುದು. ರೈತರು ಗುಣಮಟ್ಟದ ರಾಗಿಯನ್ನು ತಂದು ಖರೀದಿ ಕೇಂದ್ರಕ್ಕೆ ನೀಡಬೇಕು. ಬೇಸಿಗೆಯಲ್ಲಿ ಕುಡಿಯುವ ನೀರಿನ ಸಮಸ್ಯೆ ಉಂಟಾಗದಂತೆ ಮುನ್ನೆಚ್ಚರಿಕೆ ವಹಿಸಲಾಗಿದೆ. ತಾಲ್ಲೂಕಿನ ಎಲ್ಲಾ ಹೋಬಳಿ ಕೇಂದ್ರಗಳಲ್ಲಿ ಖರೀದಿ ಕೇಂದ್ರ ತೆರೆಯಲು ಕ್ರಮ ಕೈಗೊಳ್ಳಲಾಗಿದೆ. ರೈತರಿಗೆ ಹಣ ಪಾವತಿ ನೇರವಾಗಿ ಬ್ಯಾಂಕ್ ಖಾತೆಗೆ ಜಮೆಯಾಗಲಿದೆ. ಈ ಬಾರಿ ಉತ್ತಮ ಮಳೆಯಾಗಿದ್ದು ರಾಗಿ ಇಳುವರಿ ಹೆಚ್ಚಾಗಿದೆ. ಖರೀದಿ ಪ್ರಕ್ರಿಯೆ ಪಾರದರ್ಶಕವಾಗಿ ನಡೆಯಬೇಕು ಎಂದು ಅಧಿಕಾರಿಗಳಿಗೆ ಸೂಚಿಸಿದರು.
ನ್ಯಾಯ ದೊರಕಿಸುವಂತೆ ಸರ್ಕಾರಕ್ಕೆ ಒತ್ತಾಯಿಸಲಾಗಿದೆ. ರೈತರ ಹಿತ ಕಾಪಾಡುವುದು ನಮ್ಮ ಮೊದಲ ಆದ್ಯತೆ. ಕೇಂದ್ರ ಸರ್ಕಾರವು ಬೆಂಬಲ ಬೆಲೆ ಹೆಚ್ಚಿಸಿರುವುದು ಸ್ವಾಗತಾರ್ಹ. ರಾಜ್ಯ ಸರ್ಕಾರವೂ ಹೆಚ್ಚುವರಿ ಪ್ರೋತ್ಸಾಹ ಧನ ನೀಡಬೇಕು. ತಾಲ್ಲೂಕಿನಲ್ಲಿ ಸುಮಾರು 5 ಲಕ್ಷ ಕ್ವಿಂಟಾಲ್ ರಾಗಿ ಉತ್ಪಾದನೆ ನಿರೀಕ್ಷಿಸಲಾಗಿದೆ. ರೈತರು ನೋಂದಣಿ ಮಾಡಿಸಿಕೊಳ್ಳಲು ಕಾಲಾವಕಾಶ ವಿಸ್ತರಿಸಲಾಗಿದೆ. ಆಹಾರ ಇಲಾಖೆಯ ಅಧಿಕಾರಿಗಳು ರೈತರಿಗೆ ಅಗತ್ಯ ಮಾಹಿತಿ ನೀಡಬೇಕು. ಕಾರ್ಯಕ್ರಮದಲ್ಲಿ ತಾಲ್ಲೂಕು ದಂಡಾಧಿಕಾರಿ, ಎಪಿಎಂಸಿ ಕಾರ್ಯದರ್ಶಿ ಇತರರು ಉಪಸ್ಥಿತರಿದ್ದರು.
ಅವರಲ್ಲಿಯೂ ಹಾಗೂ ಕಚೇರಿಗಳ ಸಿಬ್ಬಂದಿ ವರ್ಗದವರು ಸ್ಥಳದಲ್ಲಿ ಹಾಜರಿದ್ದು ರೈತರಿಗೆ ಯಾವುದೇ ತೊಂದರೆಯಾಗದಂತೆ ನೋಡಿಕೊಳ್ಳಬೇಕು. ಪ್ರತಿ ಕ್ವಿಂಟಾಲ್ ರಾಗಿಗೆ 4886 ರೂಪಾಯಿ ಬೆಂಬಲ ಬೆಲೆ ನಿಗದಿಪಡಿಸಲಾಗಿದೆ. ಪ್ರತಿ ಎಕರೆಗೆ 10 ಕ್ವಿಂಟಾಲ್‌ನಂತೆ ಗರಿಷ್ಠ 50 ಕ್ವಿಂಟಾಲ್ ವರೆಗೆ ಖರೀದಿ ಮಾಡಲಾಗುತ್ತದೆ. ಕಸಬಾ ಹೋಬಳಿ 4243, ಗಂಡಸಿ ಹೋಬಳಿ 5596, ಬಾಣಾವರ ಹೋಬಳಿ 3241, ಜೆ.ಸಿ.ಪುರ 4133 ರೈತರು ನೋಂದಣಿ ಮಾಡಿಕೊಂಡಿದ್ದಾರೆ. ಖರೀದಿ ಕೇಂದ್ರಗಳಲ್ಲಿ ಸೂಕ್ತ ವ್ಯವಸ್ಥೆ ಕಲ್ಪಿಸಲಾಗಿದೆ. ಕರ್ನಾಟಕ ಆಹಾರ ಮತ್ತು ನಾಗರಿಕ ಸರಬರಾಜು ನಿಗಮದ ಜಿಲ್ಲಾ ವ್ಯವಸ್ಥಾಪಕ ಅನ್ವರ್, ಎಪಿಎಂಸಿ ಕಾರ್ಯದರ್ಶಿ ಸಿದ್ದರಾಮಣ್ಣ, ತಾಲ್ಲೂಕು ಕೃಷಿ ಅಧಿಕಾರಿ ಹಾಗೂ ರೈತ ಮುಖಂಡರು ಉಪಸ್ಥಿತರಿದ್ದರು.
Edited, Owned, Published Printed by: NAGARAJU.H.S. Karthik Nilaya,Hemavathi Nagar,Near Royal Appolo, 3rd Main, 12th Ward, Hassan,
Hassan Dist. Karnataka Printed at: HONALU GRAPHICS, Ashoka road, Vidhya Nagar, Hassan Hassan Dist. Karnataka State.
